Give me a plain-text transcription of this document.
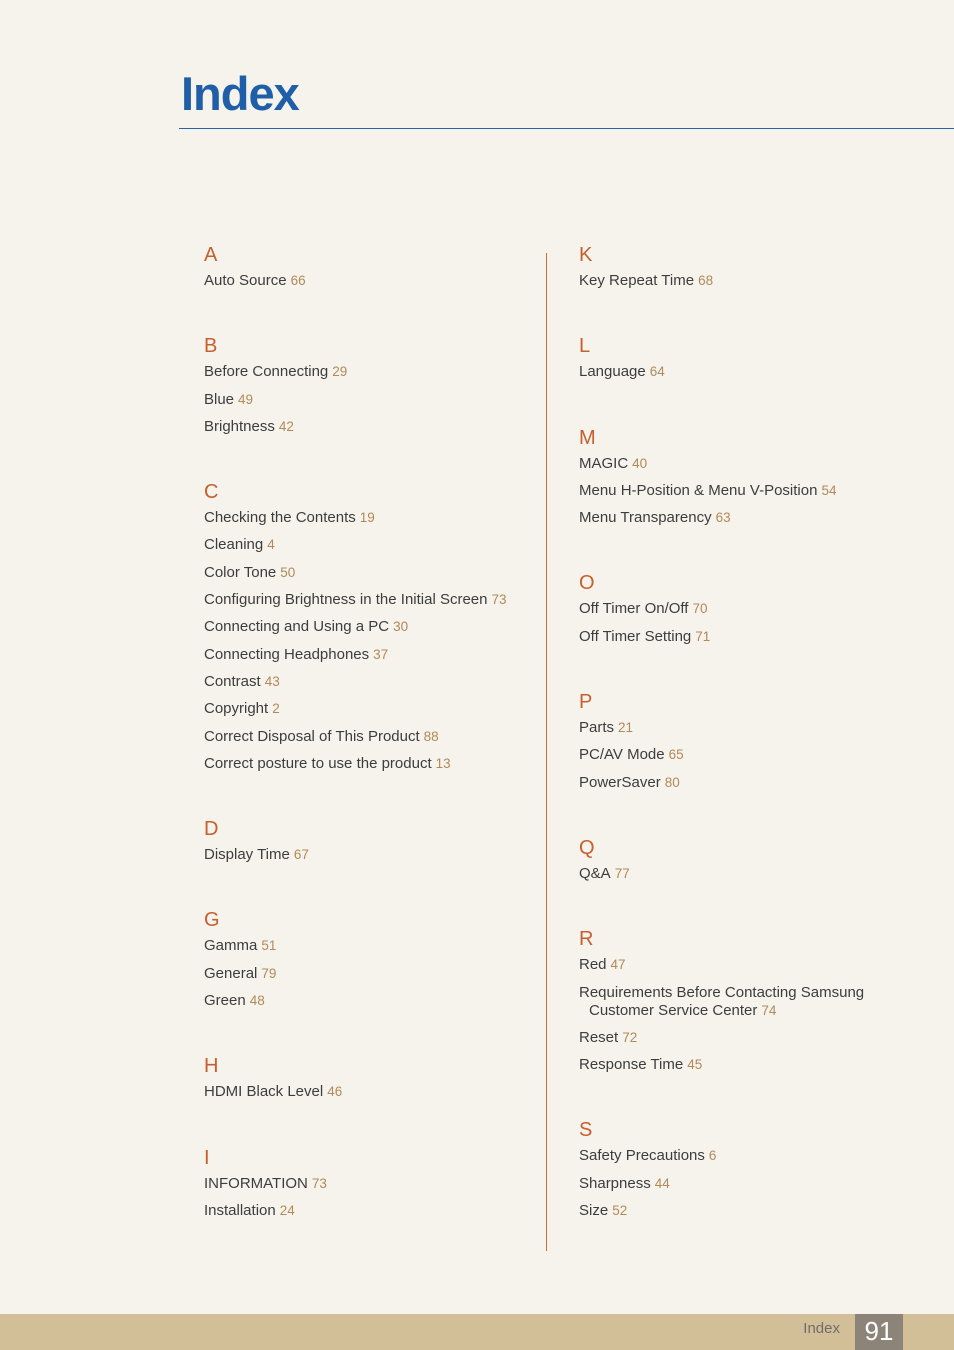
Index
A
Auto Source 66
B
Before Connecting 29
Blue 49
Brightness 42
C
Checking the Contents 19
Cleaning 4
Color Tone 50
Configuring Brightness in the Initial Screen 73
Connecting and Using a PC 30
Connecting Headphones 37
Contrast 43
Copyright 2
Correct Disposal of This Product 88
Correct posture to use the product 13
D
Display Time 67
G
Gamma 51
General 79
Green 48
H
HDMI Black Level 46
I
INFORMATION 73
Installation 24
K
Key Repeat Time 68
L
Language 64
M
MAGIC 40
Menu H-Position & Menu V-Position 54
Menu Transparency 63
O
Off Timer On/Off 70
Off Timer Setting 71
P
Parts 21
PC/AV Mode 65
PowerSaver 80
Q
Q&A 77
R
Red 47
Requirements Before Contacting Samsung
Customer Service Center 74
Reset 72
Response Time 45
S
Safety Precautions 6
Sharpness 44
Size 52
Index 91
